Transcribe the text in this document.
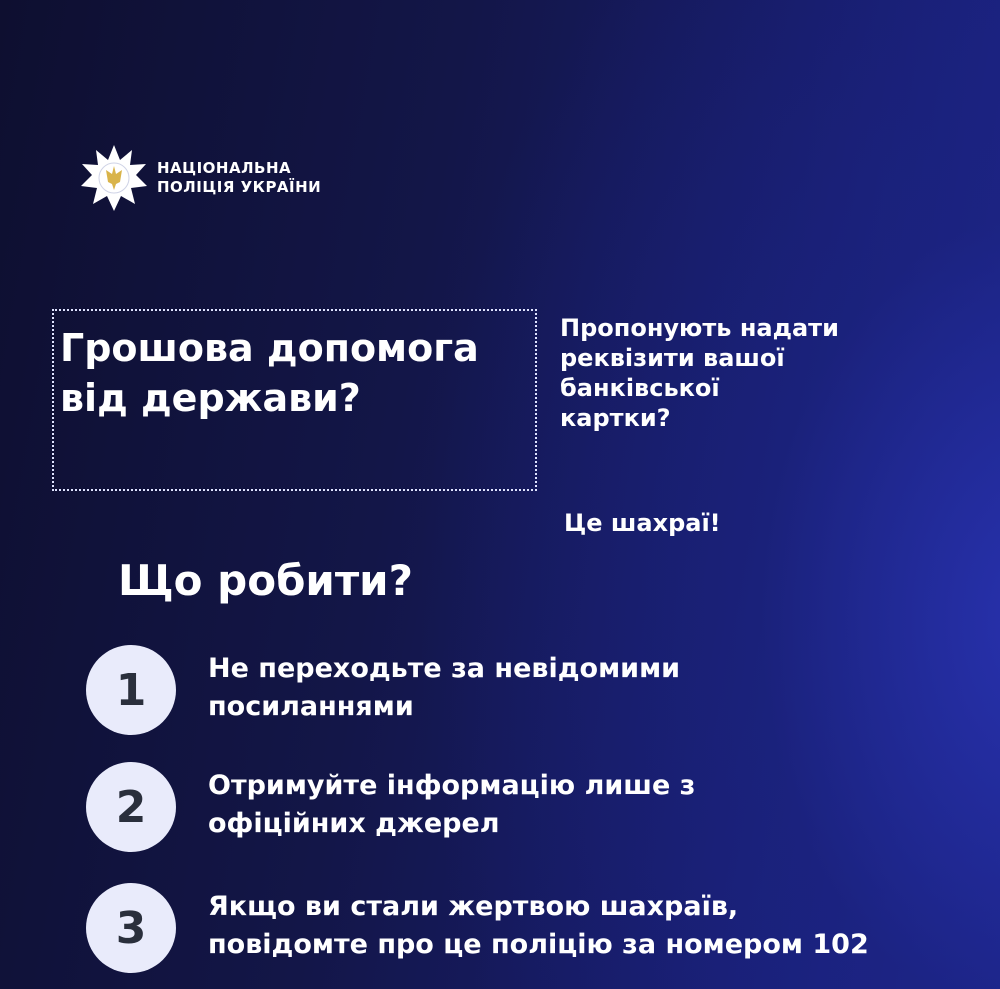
НАЦІОНАЛЬНА
ПОЛІЦІЯ УКРАЇНИ
Грошова допомога
від держави?
Пропонують надати
реквізити вашої
банківської
картки?
Це шахраї!
Що робити?
1	Не переходьте за невідомими
посиланнями
2	Отримуйте інформацію лише з
офіційних джерел
3	Якщо ви стали жертвою шахраїв,
повідомте про це поліцію за номером 102
